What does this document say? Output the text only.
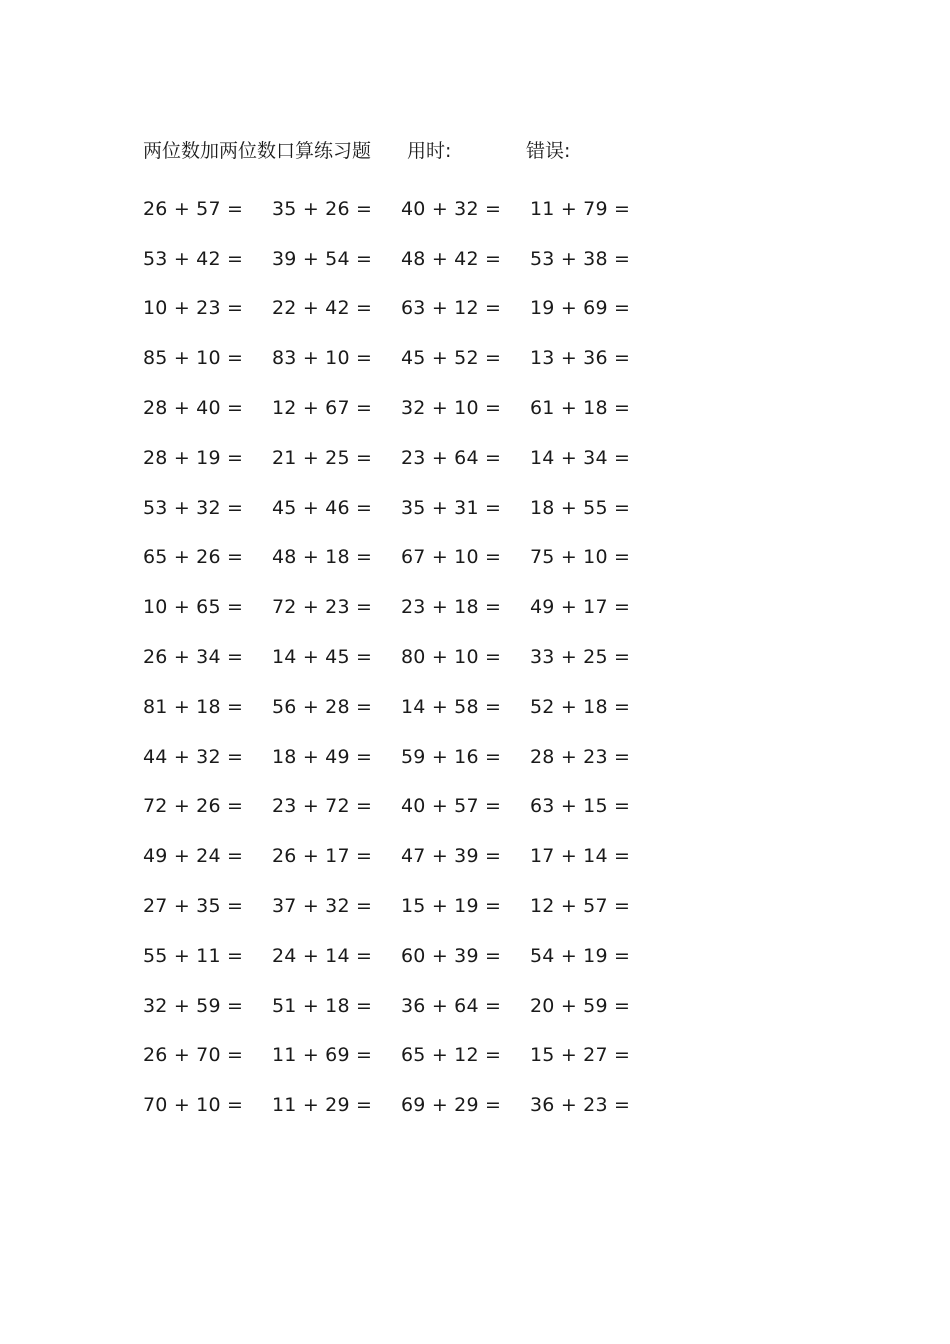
两位数加两位数口算练习题 用时:	错误:
26 + 57 =	35 + 26 =	40 + 32 =	11 + 79 =
53 + 42 =	39 + 54 =	48 + 42 =	53 + 38 =
10 + 23 =	22 + 42 =	63 + 12 =	19 + 69 =
85 + 10 =	83 + 10 =	45 + 52 =	13 + 36 =
28 + 40 =	12 + 67 =	32 + 10 =	61 + 18 =
28 + 19 =	21 + 25 =	23 + 64 =	14 + 34 =
53 + 32 =	45 + 46 =	35 + 31 =	18 + 55 =
65 + 26 =	48 + 18 =	67 + 10 =	75 + 10 =
10 + 65 =	72 + 23 =	23 + 18 =	49 + 17 =
26 + 34 =	14 + 45 =	80 + 10 =	33 + 25 =
81 + 18 =	56 + 28 =	14 + 58 =	52 + 18 =
44 + 32 =	18 + 49 =	59 + 16 =	28 + 23 =
72 + 26 =	23 + 72 =	40 + 57 =	63 + 15 =
49 + 24 =	26 + 17 =	47 + 39 =	17 + 14 =
27 + 35 =	37 + 32 =	15 + 19 =	12 + 57 =
55 + 11 =	24 + 14 =	60 + 39 =	54 + 19 =
32 + 59 =	51 + 18 =	36 + 64 =	20 + 59 =
26 + 70 =	11 + 69 =	65 + 12 =	15 + 27 =
70 + 10 =	11 + 29 =	69 + 29 =	36 + 23 =
